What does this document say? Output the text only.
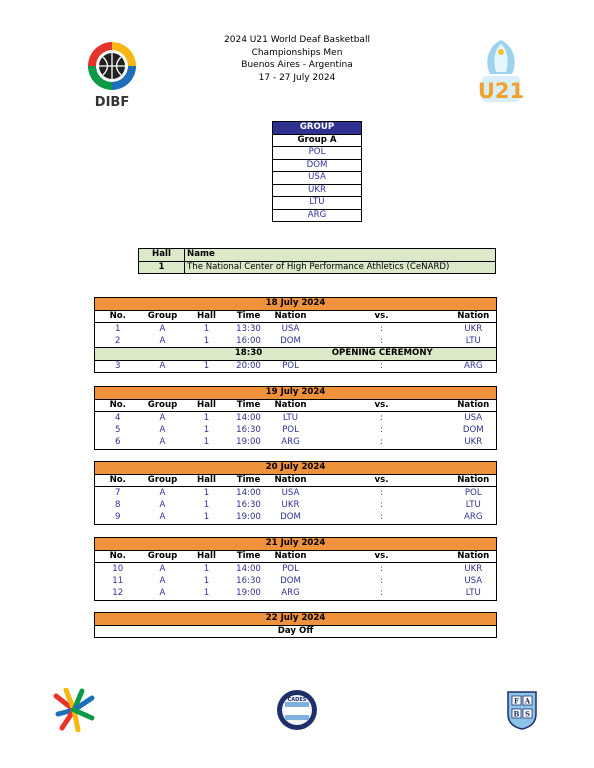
2024 U21 World Deaf Basketball
Championships Men
Buenos Aires - Argentina
17 - 27 July 2024
DIBF	U21
GROUP
Group A
POL
DOM
USA
UKR
LTU
ARG
Hall	Name
1	The National Center of High Performance Athletics (CeNARD)
18 July 2024						
No.	Group	Hall	Time	Nation	vs.	Nation
1	A	1	13:30	USA	:	UKR
2	A	1	16:00	DOM	:	LTU
			18:30	OPENING CEREMONY		
3	A	1	20:00	POL	:	ARG
19 July 2024						
No.	Group	Hall	Time	Nation	vs.	Nation
4	A	1	14:00	LTU	:	USA
5	A	1	16:30	POL	:	DOM
6	A	1	19:00	ARG	:	UKR
20 July 2024						
No.	Group	Hall	Time	Nation	vs.	Nation
7	A	1	14:00	USA	:	POL
8	A	1	16:30	UKR	:	LTU
9	A	1	19:00	DOM	:	ARG
21 July 2024						
No.	Group	Hall	Time	Nation	vs.	Nation
10	A	1	14:00	POL	:	UKR
11	A	1	16:30	DOM	:	USA
12	A	1	19:00	ARG	:	LTU
22 July 2024
Day Off
CADES	F A
B S
